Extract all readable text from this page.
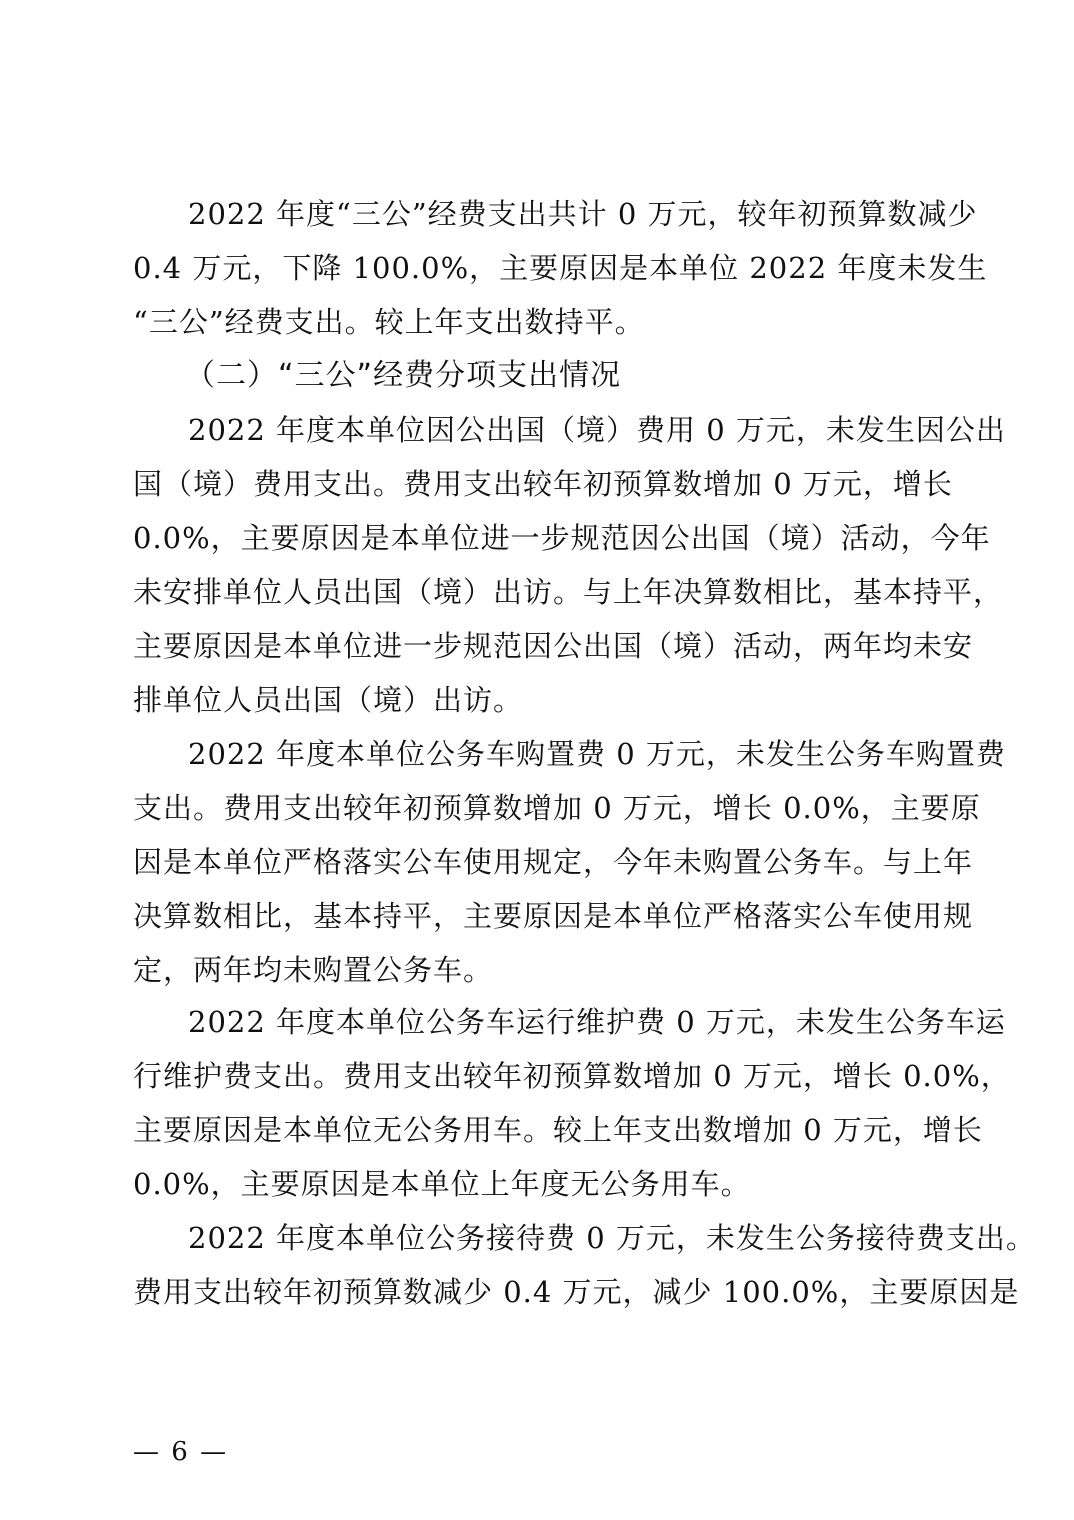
2022 年度“三公”经费支出共计 0 万元，较年初预算数减少
0.4 万元，下降 100.0%，主要原因是本单位 2022 年度未发生
“三公”经费支出。较上年支出数持平。
（二）“三公”经费分项支出情况
2022 年度本单位因公出国（境）费用 0 万元，未发生因公出
国（境）费用支出。费用支出较年初预算数增加 0 万元，增长
0.0%，主要原因是本单位进一步规范因公出国（境）活动，今年
未安排单位人员出国（境）出访。与上年决算数相比，基本持平，
主要原因是本单位进一步规范因公出国（境）活动，两年均未安
排单位人员出国（境）出访。
2022 年度本单位公务车购置费 0 万元，未发生公务车购置费
支出。费用支出较年初预算数增加 0 万元，增长 0.0%，主要原
因是本单位严格落实公车使用规定，今年未购置公务车。与上年
决算数相比，基本持平，主要原因是本单位严格落实公车使用规
定，两年均未购置公务车。
2022 年度本单位公务车运行维护费 0 万元，未发生公务车运
行维护费支出。费用支出较年初预算数增加 0 万元，增长 0.0%，
主要原因是本单位无公务用车。较上年支出数增加 0 万元，增长
0.0%，主要原因是本单位上年度无公务用车。
2022 年度本单位公务接待费 0 万元，未发生公务接待费支出。
费用支出较年初预算数减少 0.4 万元，减少 100.0%，主要原因是
— 6 —
